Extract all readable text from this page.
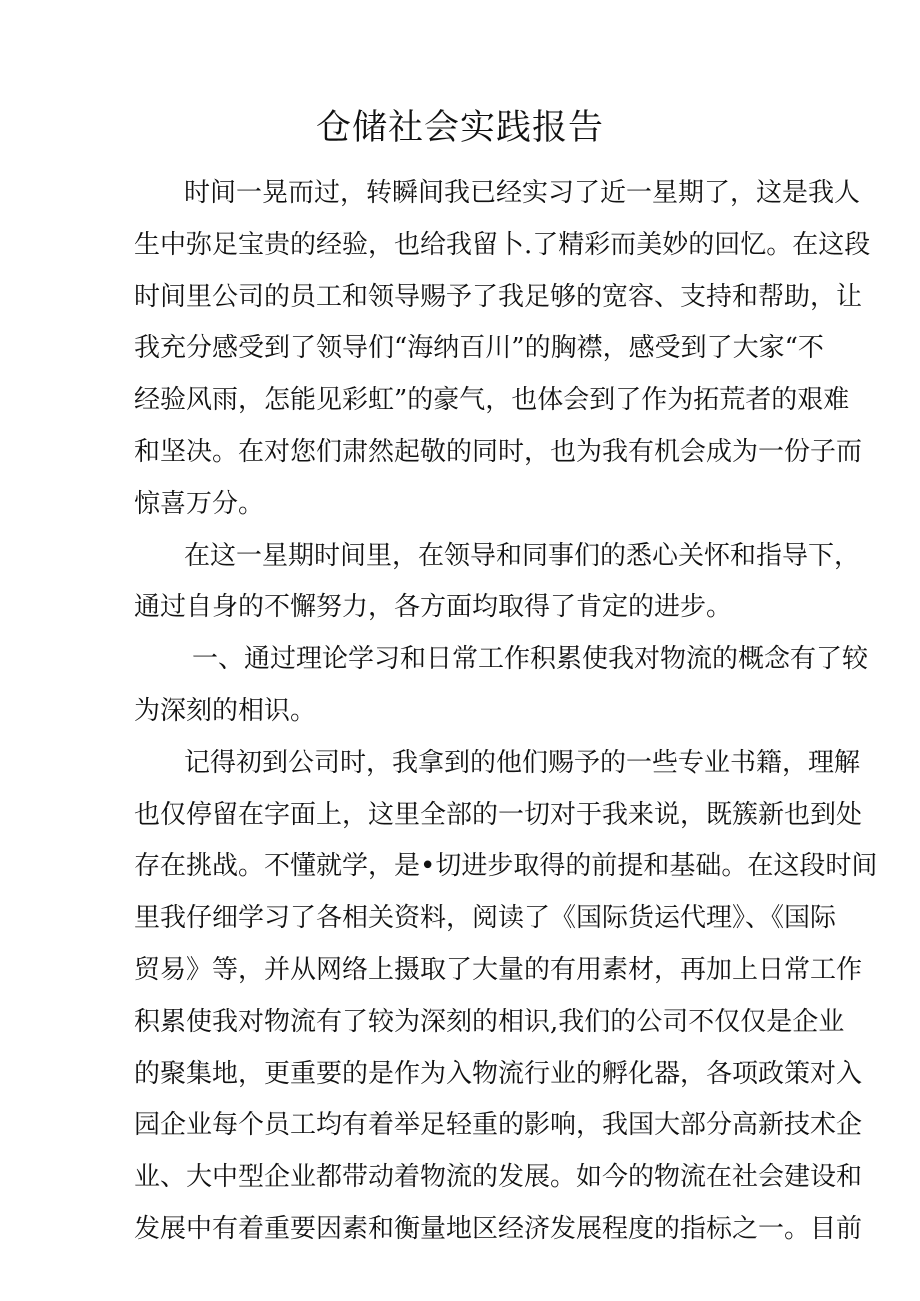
仓储社会实践报告
时间一晃而过，转瞬间我已经实习了近一星期了，这是我人
生中弥足宝贵的经验，也给我留卜.了精彩而美妙的回忆。在这段
时间里公司的员工和领导赐予了我足够的宽容、支持和帮助，让
我充分感受到了领导们“海纳百川”的胸襟，感受到了大家“不
经验风雨，怎能见彩虹”的豪气，也体会到了作为拓荒者的艰难
和坚决。在对您们肃然起敬的同时，也为我有机会成为一份子而
惊喜万分。
在这一星期时间里，在领导和同事们的悉心关怀和指导下，
通过自身的不懈努力，各方面均取得了肯定的进步。
一、通过理论学习和日常工作积累使我对物流的概念有了较
为深刻的相识。
记得初到公司时，我拿到的他们赐予的一些专业书籍，理解
也仅停留在字面上，这里全部的一切对于我来说，既簇新也到处
存在挑战。不懂就学，是•切进步取得的前提和基础。在这段时间
里我仔细学习了各相关资料，阅读了《国际货运代理》、《国际
贸易》等，并从网络上摄取了大量的有用素材，再加上日常工作
积累使我对物流有了较为深刻的相识,我们的公司不仅仅是企业
的聚集地，更重要的是作为入物流行业的孵化器，各项政策对入
园企业每个员工均有着举足轻重的影响，我国大部分高新技术企
业、大中型企业都带动着物流的发展。如今的物流在社会建设和
发展中有着重要因素和衡量地区经济发展程度的指标之一。目前
